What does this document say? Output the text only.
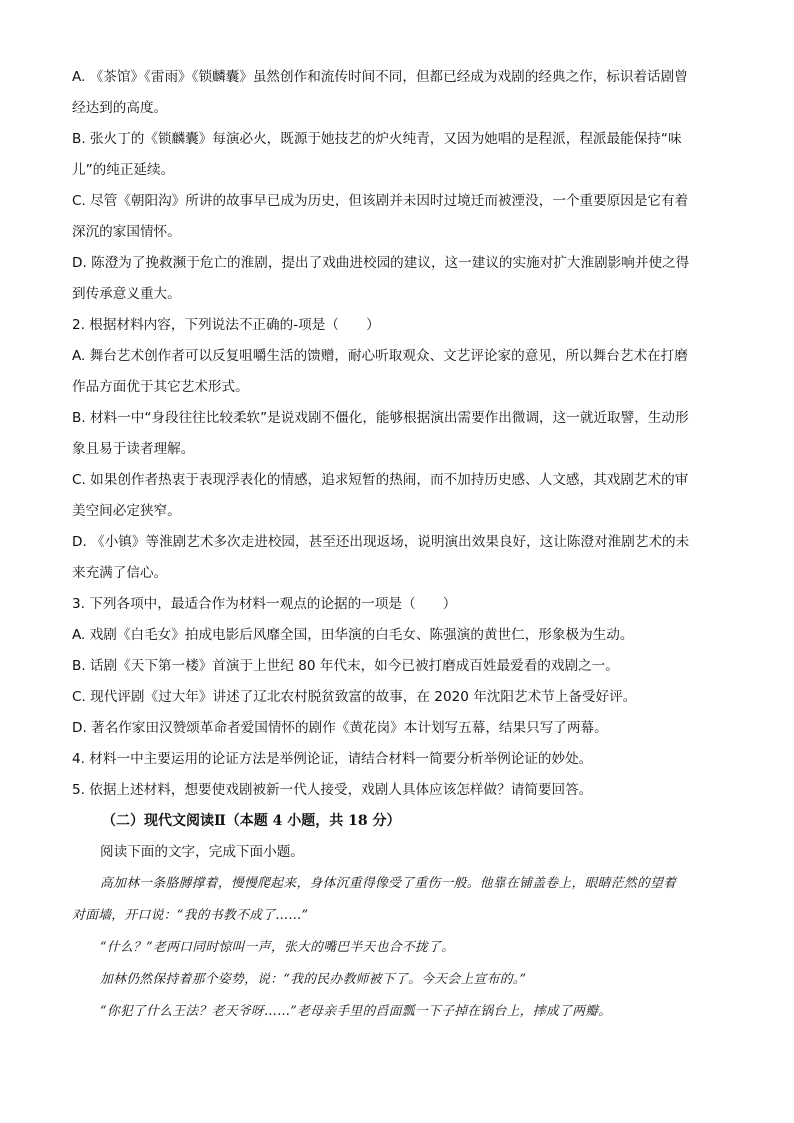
A. 《茶馆》《雷雨》《锁麟囊》虽然创作和流传时间不同，但都已经成为戏剧的经典之作，标识着话剧曾
经达到的高度。
B. 张火丁的《锁麟囊》每演必火，既源于她技艺的炉火纯青，又因为她唱的是程派，程派最能保持“味
儿”的纯正延续。
C. 尽管《朝阳沟》所讲的故事早已成为历史，但该剧并未因时过境迁而被湮没，一个重要原因是它有着
深沉的家国情怀。
D. 陈澄为了挽救濒于危亡的淮剧，提出了戏曲进校园的建议，这一建议的实施对扩大淮剧影响并使之得
到传承意义重大。
2. 根据材料内容，下列说法不正确的-项是（　　）
A. 舞台艺术创作者可以反复咀嚼生活的馈赠，耐心听取观众、文艺评论家的意见，所以舞台艺术在打磨
作品方面优于其它艺术形式。
B. 材料一中“身段往往比较柔软”是说戏剧不僵化，能够根据演出需要作出微调，这一就近取譬，生动形
象且易于读者理解。
C. 如果创作者热衷于表现浮表化的情感，追求短暂的热闹，而不加持历史感、人文感，其戏剧艺术的审
美空间必定狭窄。
D. 《小镇》等淮剧艺术多次走进校园，甚至还出现返场，说明演出效果良好，这让陈澄对淮剧艺术的未
来充满了信心。
3. 下列各项中，最适合作为材料一观点的论据的一项是（　　）
A. 戏剧《白毛女》拍成电影后风靡全国，田华演的白毛女、陈强演的黄世仁，形象极为生动。
B. 话剧《天下第一楼》首演于上世纪 80 年代末，如今已被打磨成百姓最爱看的戏剧之一。
C. 现代评剧《过大年》讲述了辽北农村脱贫致富的故事，在 2020 年沈阳艺术节上备受好评。
D. 著名作家田汉赞颂革命者爱国情怀的剧作《黄花岗》本计划写五幕，结果只写了两幕。
4. 材料一中主要运用的论证方法是举例论证，请结合材料一简要分析举例论证的妙处。
5. 依据上述材料，想要使戏剧被新一代人接受，戏剧人具体应该怎样做？请简要回答。
（二）现代文阅读Ⅱ（本题 4 小题，共 18 分）
阅读下面的文字，完成下面小题。
高加林一条胳膊撑着，慢慢爬起来，身体沉重得像受了重伤一般。他靠在铺盖卷上，眼睛茫然的望着
对面墙，开口说：“我的书教不成了……”
“什么？”老两口同时惊叫一声，张大的嘴巴半天也合不拢了。
加林仍然保持着那个姿势，说：“我的民办教师被下了。今天会上宣布的。”
“你犯了什么王法？老天爷呀……”老母亲手里的舀面瓢一下子掉在锅台上，摔成了两瓣。
